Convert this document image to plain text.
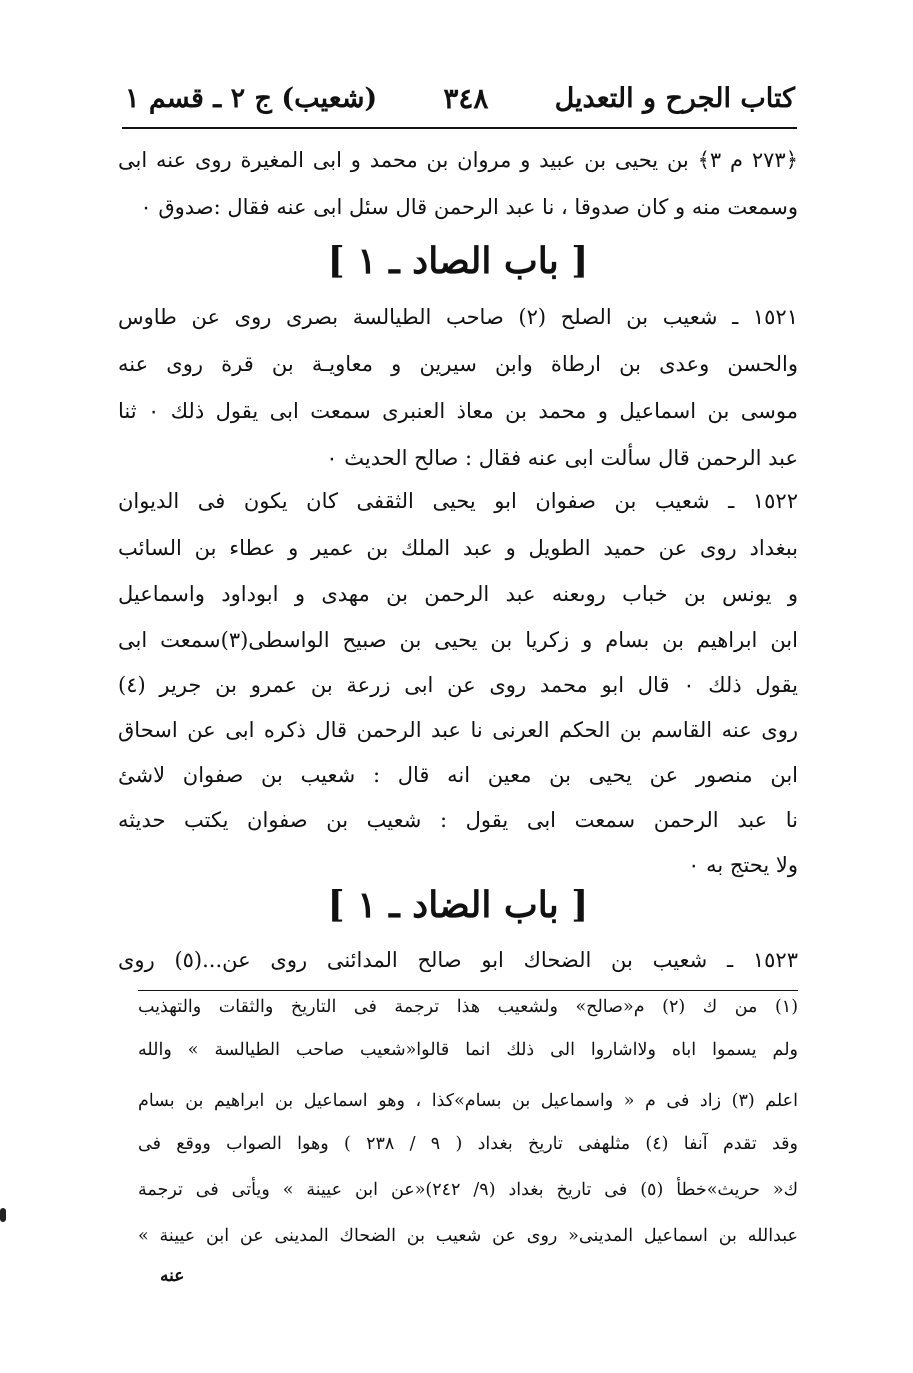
كتاب الجرح و التعديل
٣٤٨
(شعيب) ج ٢ ـ قسم ١
﴿٢٧٣ م ٣﴾ بن يحيى بن عبيد و مروان بن محمد و ابى المغيرة روى عنه ابى
وسمعت منه و كان صدوقا ، نا عبد الرحمن قال سئل ابى عنه فقال :صدوق ٠
[ باب الصاد ـ ١ ]
١٥٢١ ـ شعيب بن الصلح (٢) صاحب الطيالسة بصرى روى عن طاوس
والحسن وعدى بن ارطاة وابن سيرين و معاويـة بن قرة روى عنه
موسى بن اسماعيل و محمد بن معاذ العنبرى سمعت ابى يقول ذلك ٠ ثنا
عبد الرحمن قال سألت ابى عنه فقال : صالح الحديث ٠
١٥٢٢ ـ شعيب بن صفوان ابو يحيى الثقفى كان يكون فى الديوان
ببغداد روى عن حميد الطويل و عبد الملك بن عمير و عطاء بن السائب
و يونس بن خباب روىعنه عبد الرحمن بن مهدى و ابوداود واسماعيل
ابن ابراهيم بن بسام و زكريا بن يحيى بن صبيح الواسطى(٣)سمعت ابى
يقول ذلك ٠ قال ابو محمد روى عن ابى زرعة بن عمرو بن جرير (٤)
روى عنه القاسم بن الحكم العرنى نا عبد الرحمن قال ذكره ابى عن اسحاق
ابن منصور عن يحيى بن معين انه قال : شعيب بن صفوان لاشئ
نا عبد الرحمن سمعت ابى يقول : شعيب بن صفوان يكتب حديثه
ولا يحتج به ٠
[ باب الضاد ـ ١ ]
١٥٢٣ ـ شعيب بن الضحاك ابو صالح المدائنى روى عن...(٥) روى
(١) من ك (٢) م«صالح» ولشعيب هذا ترجمة فى التاريخ والثقات والتهذيب
ولم يسموا اباه ولااشاروا الى ذلك انما قالوا«شعيب صاحب الطيالسة » والله
اعلم (٣) زاد فى م « واسماعيل بن بسام»كذا ، وهو اسماعيل بن ابراهيم بن بسام
وقد تقدم آنفا (٤) مثلهفى تاريخ بغداد ( ٩ / ٢٣٨ ) وهوا الصواب ووقع فى
ك« حريث»خطأ (٥) فى تاريخ بغداد (٩/ ٢٤٢)«عن ابن عيينة » ويأتى فى ترجمة
عبدالله بن اسماعيل المدينى« روى عن شعيب بن الضحاك المدينى عن ابن عيينة »
عنه
